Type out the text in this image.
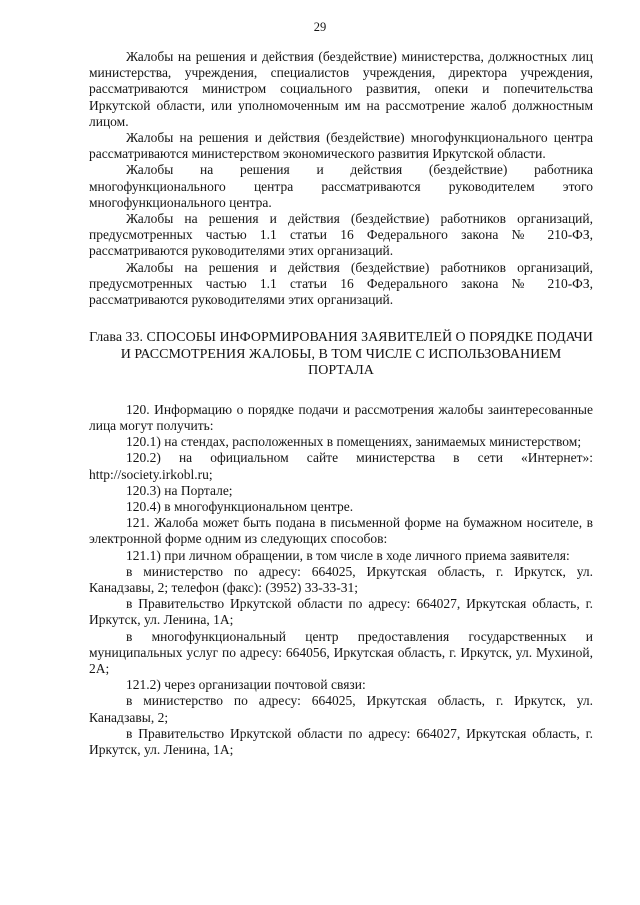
29

Жалобы на решения и действия (бездействие) министерства, должностных лиц министерства, учреждения, специалистов учреждения, директора учреждения, рассматриваются министром социального развития, опеки и попечительства Иркутской области, или уполномоченным им на рассмотрение жалоб должностным лицом.

Жалобы на решения и действия (бездействие) многофункционального центра рассматриваются министерством экономического развития Иркутской области.

Жалобы на решения и действия (бездействие) работника многофункционального центра рассматриваются руководителем этого многофункционального центра.

Жалобы на решения и действия (бездействие) работников организаций, предусмотренных частью 1.1 статьи 16 Федерального закона № 210-ФЗ, рассматриваются руководителями этих организаций.

Жалобы на решения и действия (бездействие) работников организаций, предусмотренных частью 1.1 статьи 16 Федерального закона № 210-ФЗ, рассматриваются руководителями этих организаций.

Глава 33. СПОСОБЫ ИНФОРМИРОВАНИЯ ЗАЯВИТЕЛЕЙ О ПОРЯДКЕ ПОДАЧИ И РАССМОТРЕНИЯ ЖАЛОБЫ, В ТОМ ЧИСЛЕ С ИСПОЛЬЗОВАНИЕМ ПОРТАЛА

120. Информацию о порядке подачи и рассмотрения жалобы заинтересованные лица могут получить:

120.1) на стендах, расположенных в помещениях, занимаемых министерством;

120.2) на официальном сайте министерства в сети «Интернет»: http://society.irkobl.ru;

120.3) на Портале;

120.4) в многофункциональном центре.

121. Жалоба может быть подана в письменной форме на бумажном носителе, в электронной форме одним из следующих способов:

121.1) при личном обращении, в том числе в ходе личного приема заявителя:

в министерство по адресу: 664025, Иркутская область, г. Иркутск, ул. Канадзавы, 2; телефон (факс): (3952) 33-33-31;

в Правительство Иркутской области по адресу: 664027, Иркутская область, г. Иркутск, ул. Ленина, 1А;

в многофункциональный центр предоставления государственных и муниципальных услуг по адресу: 664056, Иркутская область, г. Иркутск, ул. Мухиной, 2А;

121.2) через организации почтовой связи:

в министерство по адресу: 664025, Иркутская область, г. Иркутск, ул. Канадзавы, 2;

в Правительство Иркутской области по адресу: 664027, Иркутская область, г. Иркутск, ул. Ленина, 1А;
